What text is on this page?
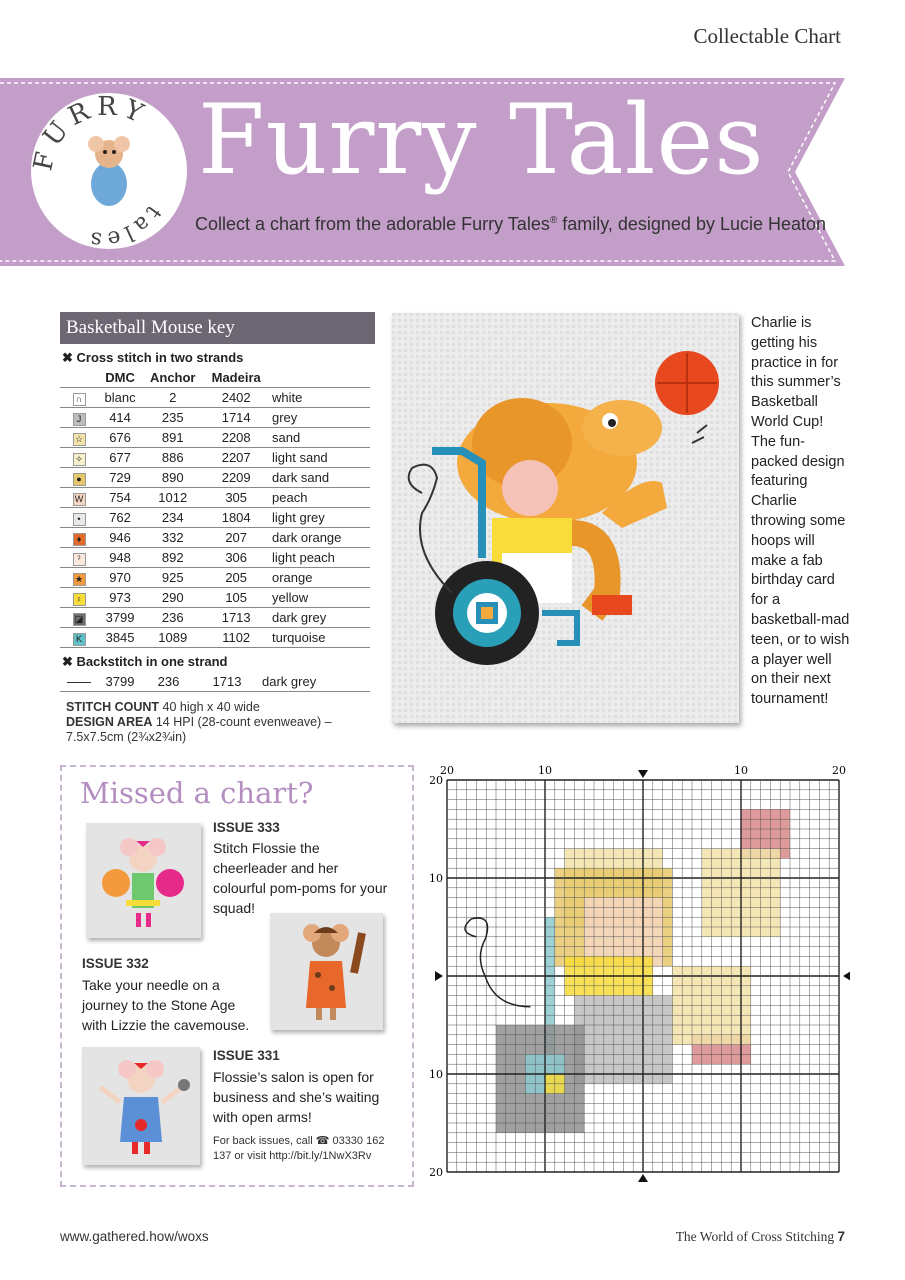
Collectable Chart
FURRY
tales
Furry Tales
Collect a chart from the adorable Furry Tales® family, designed by Lucie Heaton
Basketball Mouse key
✖ Cross stitch in two strands
	DMC	Anchor	Madeira	
∩	blanc	2	2402	white
J	414	235	1714	grey
☆	676	891	2208	sand
✧	677	886	2207	light sand
●	729	890	2209	dark sand
W	754	1012	305	peach
•	762	234	1804	light grey
♦	946	332	207	dark orange
ˀ	948	892	306	light peach
★	970	925	205	orange
♀	973	290	105	yellow
◪	3799	236	1713	dark grey
K	3845	1089	1102	turquoise
✖ Backstitch in one strand
	3799	236	1713	dark grey
STITCH COUNT 40 high x 40 wide
DESIGN AREA 14 HPI (28-count evenweave) – 7.5x7.5cm (2¾x2¾in)
Charlie is getting his practice in for this summer’s Basketball World Cup! The fun-packed design featuring Charlie throwing some hoops will make a fab birthday card for a basketball-mad teen, or to wish a player well on their next tournament!
Missed a chart?
ISSUE 333
Stitch Flossie the cheerleader and her colourful pom-poms for your squad!
ISSUE 332
Take your needle on a journey to the Stone Age with Lizzie the cavemouse.
ISSUE 331
Flossie’s salon is open for business and she’s waiting with open arms!
For back issues, call ☎ 03330 162 137 or visit http://bit.ly/1NwX3Rv
20	10	10	20
20
10
10
20
www.gathered.how/woxs	The World of Cross Stitching 7
